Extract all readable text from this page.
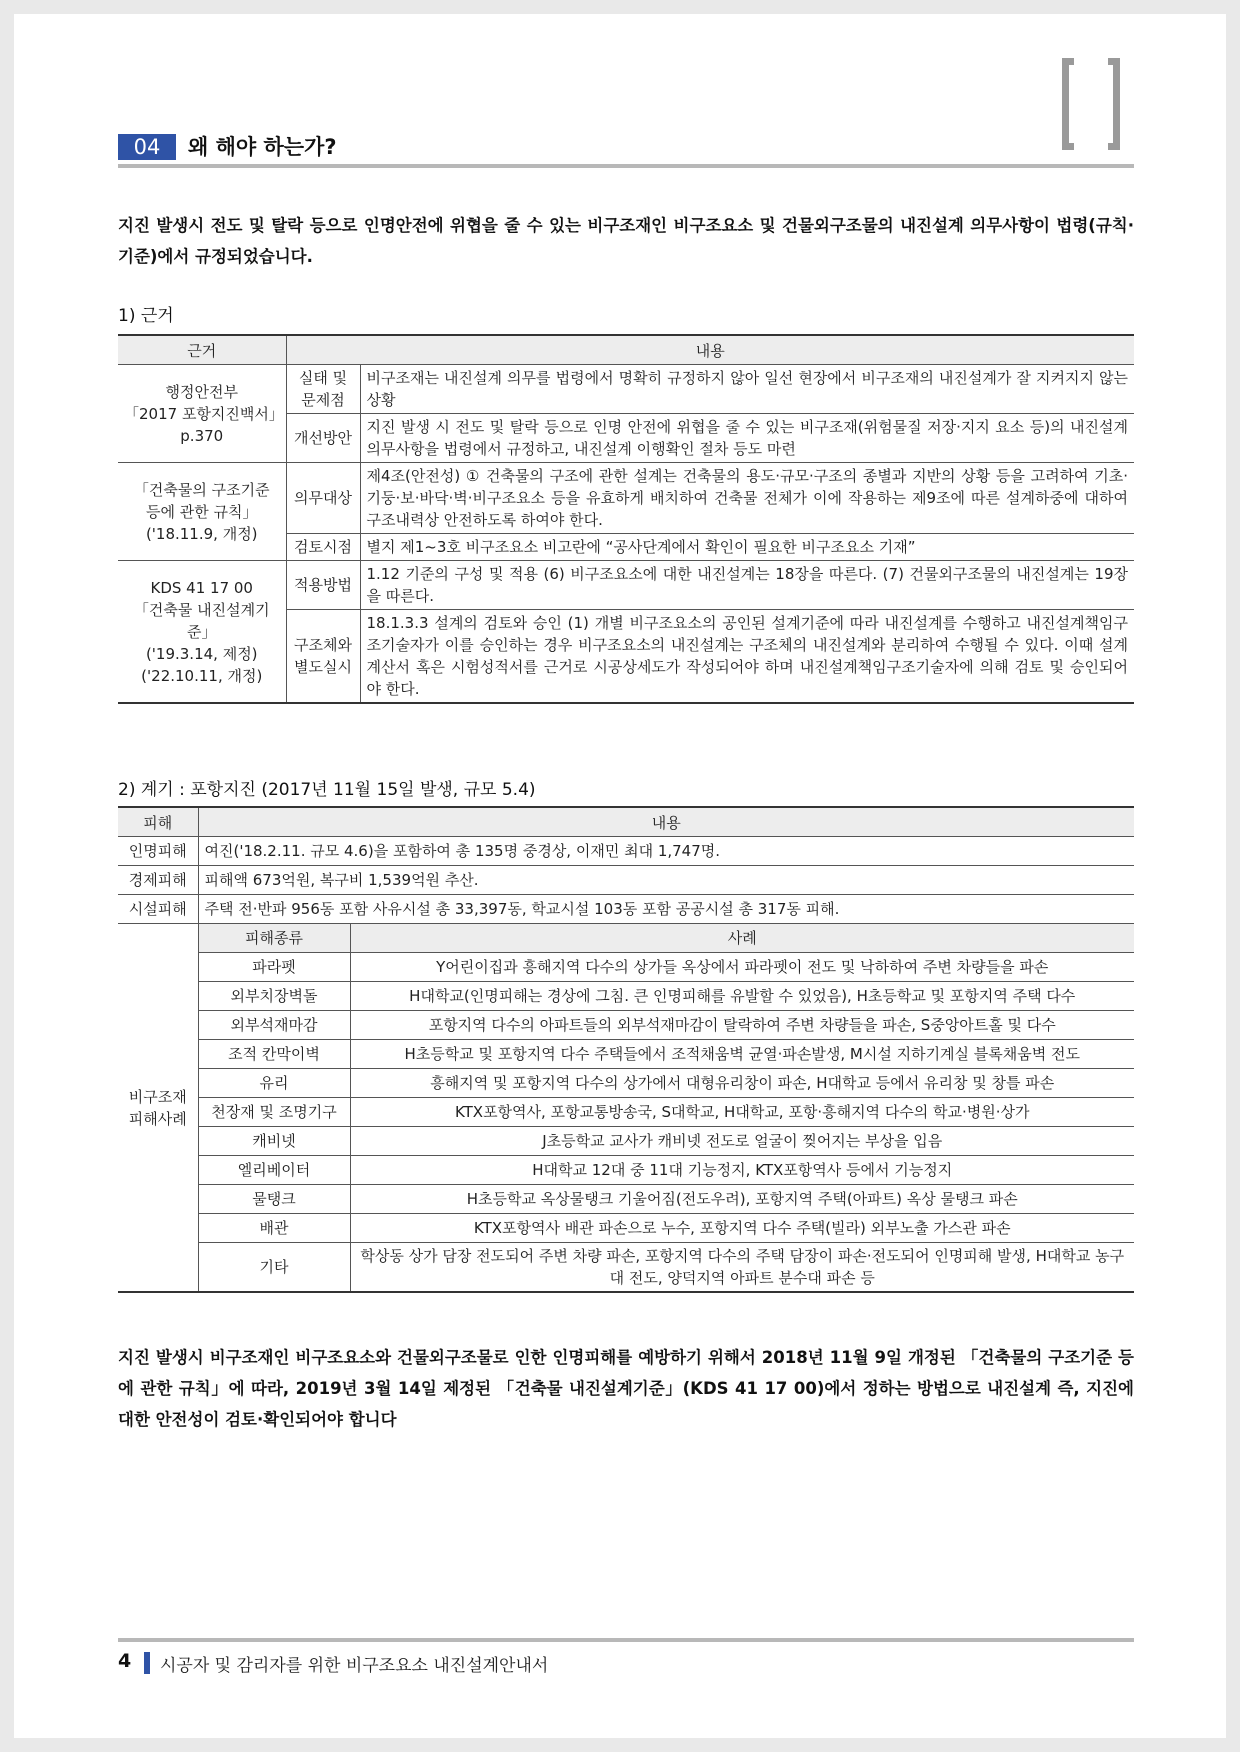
04	왜 해야 하는가?
지진 발생시 전도 및 탈락 등으로 인명안전에 위협을 줄 수 있는 비구조재인 비구조요소 및 건물외구조물의 내진설계 의무사항이 법령(규칙·기준)에서 규정되었습니다.
1) 근거
근거	내용	

행정안전부
「2017 포항지진백서」
p.370	실태 및 문제점	비구조재는 내진설계 의무를 법령에서 명확히 규정하지 않아 일선 현장에서 비구조재의 내진설계가 잘 지켜지지 않는 상황
	개선방안	지진 발생 시 전도 및 탈락 등으로 인명 안전에 위협을 줄 수 있는 비구조재(위험물질 저장·지지 요소 등)의 내진설계 의무사항을 법령에서 규정하고, 내진설계 이행확인 절차 등도 마련

「건축물의 구조기준
등에 관한 규칙」
('18.11.9, 개정)	의무대상	제4조(안전성) ① 건축물의 구조에 관한 설계는 건축물의 용도·규모·구조의 종별과 지반의 상황 등을 고려하여 기초·기둥·보·바닥·벽·비구조요소 등을 유효하게 배치하여 건축물 전체가 이에 작용하는 제9조에 따른 설계하중에 대하여 구조내력상 안전하도록 하여야 한다.
	검토시점	별지 제1~3호 비구조요소 비고란에 “공사단계에서 확인이 필요한 비구조요소 기재”

KDS 41 17 00
「건축물 내진설계기준」
('19.3.14, 제정)
('22.10.11, 개정)	적용방법	1.12 기준의 구성 및 적용 (6) 비구조요소에 대한 내진설계는 18장을 따른다. (7) 건물외구조물의 내진설계는 19장을 따른다.
	구조체와 별도실시	18.1.3.3 설계의 검토와 승인 (1) 개별 비구조요소의 공인된 설계기준에 따라 내진설계를 수행하고 내진설계책임구조기술자가 이를 승인하는 경우 비구조요소의 내진설계는 구조체의 내진설계와 분리하여 수행될 수 있다. 이때 설계계산서 혹은 시험성적서를 근거로 시공상세도가 작성되어야 하며 내진설계책임구조기술자에 의해 검토 및 승인되어야 한다.
2) 계기 : 포항지진 (2017년 11월 15일 발생, 규모 5.4)
피해	내용	
인명피해	여진('18.2.11. 규모 4.6)을 포함하여 총 135명 중경상, 이재민 최대 1,747명.	
경제피해	피해액 673억원, 복구비 1,539억원 추산.	
시설피해	주택 전·반파 956동 포함 사유시설 총 33,397동, 학교시설 103동 포함 공공시설 총 317동 피해.	
비구조재 피해사례	피해종류	사례
	파라펫	Y어린이집과 흥해지역 다수의 상가들 옥상에서 파라펫이 전도 및 낙하하여 주변 차량들을 파손
	외부치장벽돌	H대학교(인명피해는 경상에 그침. 큰 인명피해를 유발할 수 있었음), H초등학교 및 포항지역 주택 다수
	외부석재마감	포항지역 다수의 아파트들의 외부석재마감이 탈락하여 주변 차량들을 파손, S중앙아트홀 및 다수
	조적 칸막이벽	H초등학교 및 포항지역 다수 주택들에서 조적채움벽 균열·파손발생, M시설 지하기계실 블록채움벽 전도
	유리	흥해지역 및 포항지역 다수의 상가에서 대형유리창이 파손, H대학교 등에서 유리창 및 창틀 파손
	천장재 및 조명기구	KTX포항역사, 포항교통방송국, S대학교, H대학교, 포항·흥해지역 다수의 학교·병원·상가
	캐비넷	J초등학교 교사가 캐비넷 전도로 얼굴이 찢어지는 부상을 입음
	엘리베이터	H대학교 12대 중 11대 기능정지, KTX포항역사 등에서 기능정지
	물탱크	H초등학교 옥상물탱크 기울어짐(전도우려), 포항지역 주택(아파트) 옥상 물탱크 파손
	배관	KTX포항역사 배관 파손으로 누수, 포항지역 다수 주택(빌라) 외부노출 가스관 파손
	기타	학상동 상가 담장 전도되어 주변 차량 파손, 포항지역 다수의 주택 담장이 파손·전도되어 인명피해 발생, H대학교 농구대 전도, 양덕지역 아파트 분수대 파손 등
지진 발생시 비구조재인 비구조요소와 건물외구조물로 인한 인명피해를 예방하기 위해서 2018년 11월 9일 개정된 「건축물의 구조기준 등에 관한 규칙」에 따라, 2019년 3월 14일 제정된 「건축물 내진설계기준」(KDS 41 17 00)에서 정하는 방법으로 내진설계 즉, 지진에 대한 안전성이 검토·확인되어야 합니다
4 시공자 및 감리자를 위한 비구조요소 내진설계안내서
